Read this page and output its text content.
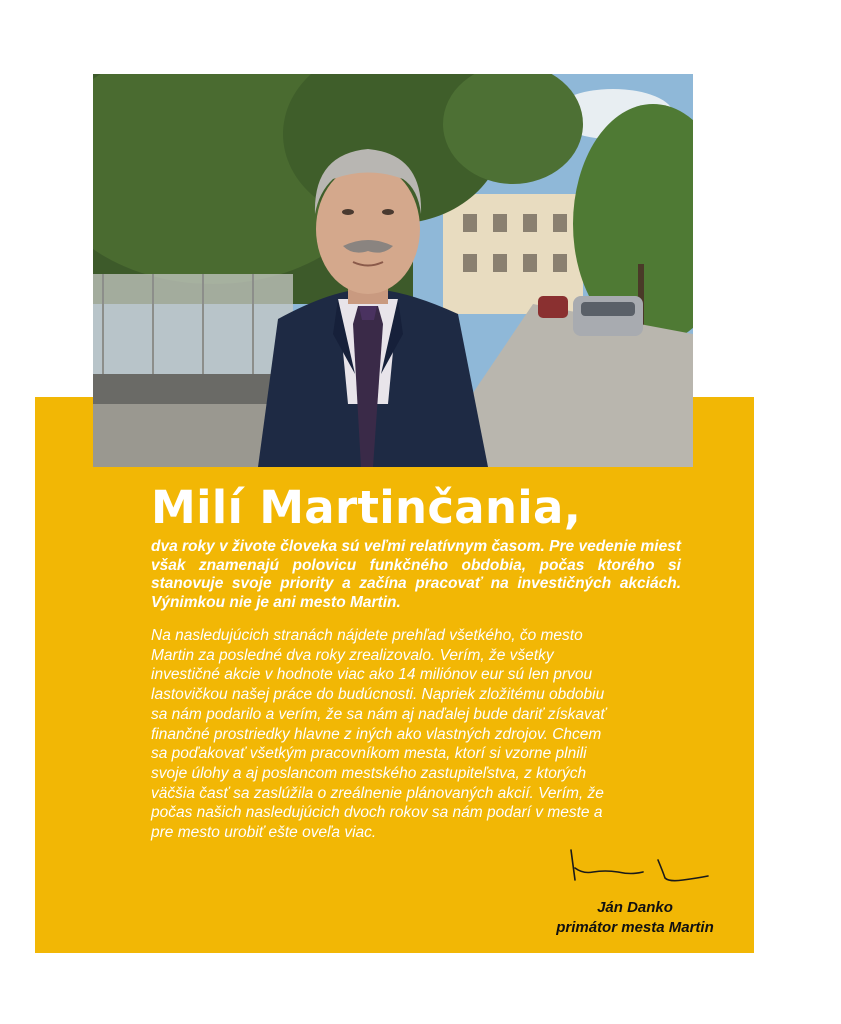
Milí Martinčania,

dva roky v živote človeka sú veľmi relatívnym časom. Pre vedenie miest však znamenajú polovicu funkčného obdobia, počas ktorého si stanovuje svoje priority a začína pracovať na investičných akciách. Výnimkou nie je ani mesto Martin.

Na nasledujúcich stranách nájdete prehľad všetkého, čo mesto Martin za posledné dva roky zrealizovalo. Verím, že všetky investičné akcie v hodnote viac ako 14 miliónov eur sú len prvou lastovičkou našej práce do budúcnosti. Napriek zložitému obdobiu sa nám podarilo a verím, že sa nám aj naďalej bude dariť získavať finančné prostriedky hlavne z iných ako vlastných zdrojov. Chcem sa poďakovať všetkým pracovníkom mesta, ktorí si vzorne plnili svoje úlohy a aj poslancom mestského zastupiteľstva, z ktorých väčšia časť sa zaslúžila o zreálnenie plánovaných akcií. Verím, že počas našich nasledujúcich dvoch rokov sa nám podarí v meste a pre mesto urobiť ešte oveľa viac.

Ján Danko
primátor mesta Martin
